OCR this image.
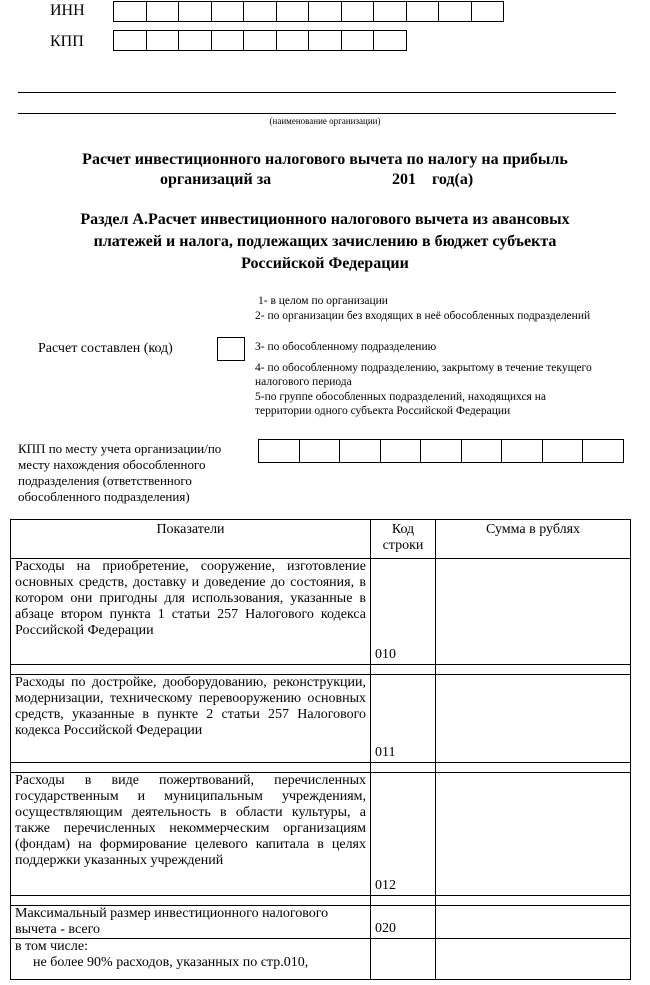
ИНН
КПП
(наименование организации)
Расчет инвестиционного налогового вычета по налогу на прибыль
организаций за	201 год(а)
Раздел А.Расчет инвестиционного налогового вычета из авансовых
платежей и налога, подлежащих зачислению в бюджет субъекта
Российской Федерации
1- в целом по организации
2- по организации без входящих в неё обособленных подразделений
3- по обособленному подразделению
4- по обособленному подразделению, закрытому в течение текущего налогового периода
5-по группе обособленных подразделений, находящихся на территории одного субъекта Российской Федерации
Расчет составлен (код)
КПП по месту учета организации/по месту нахождения обособленного подразделения (ответственного обособленного подразделения)
Показатели	Код строки	Сумма в рублях
Расходы на приобретение, сооружение, изготовление основных средств, доставку и доведение до состояния, в котором они пригодны для использования, указанные в абзаце втором пункта 1 статьи 257 Налогового кодекса Российской Федерации	010	

Расходы по достройке, дооборудованию, реконструкции, модернизации, техническому перевооружению основных средств, указанные в пункте 2 статьи 257 Налогового кодекса Российской Федерации	011	

Расходы в виде пожертвований, перечисленных государственным и муниципальным учреждениям, осуществляющим деятельность в области культуры, а также перечисленных некоммерческим организациям (фондам) на формирование целевого капитала в целях поддержки указанных учреждений	012	

Максимальный размер инвестиционного налогового вычета - всего	020	

в том числе:
не более 90% расходов, указанных по стр.010,		
